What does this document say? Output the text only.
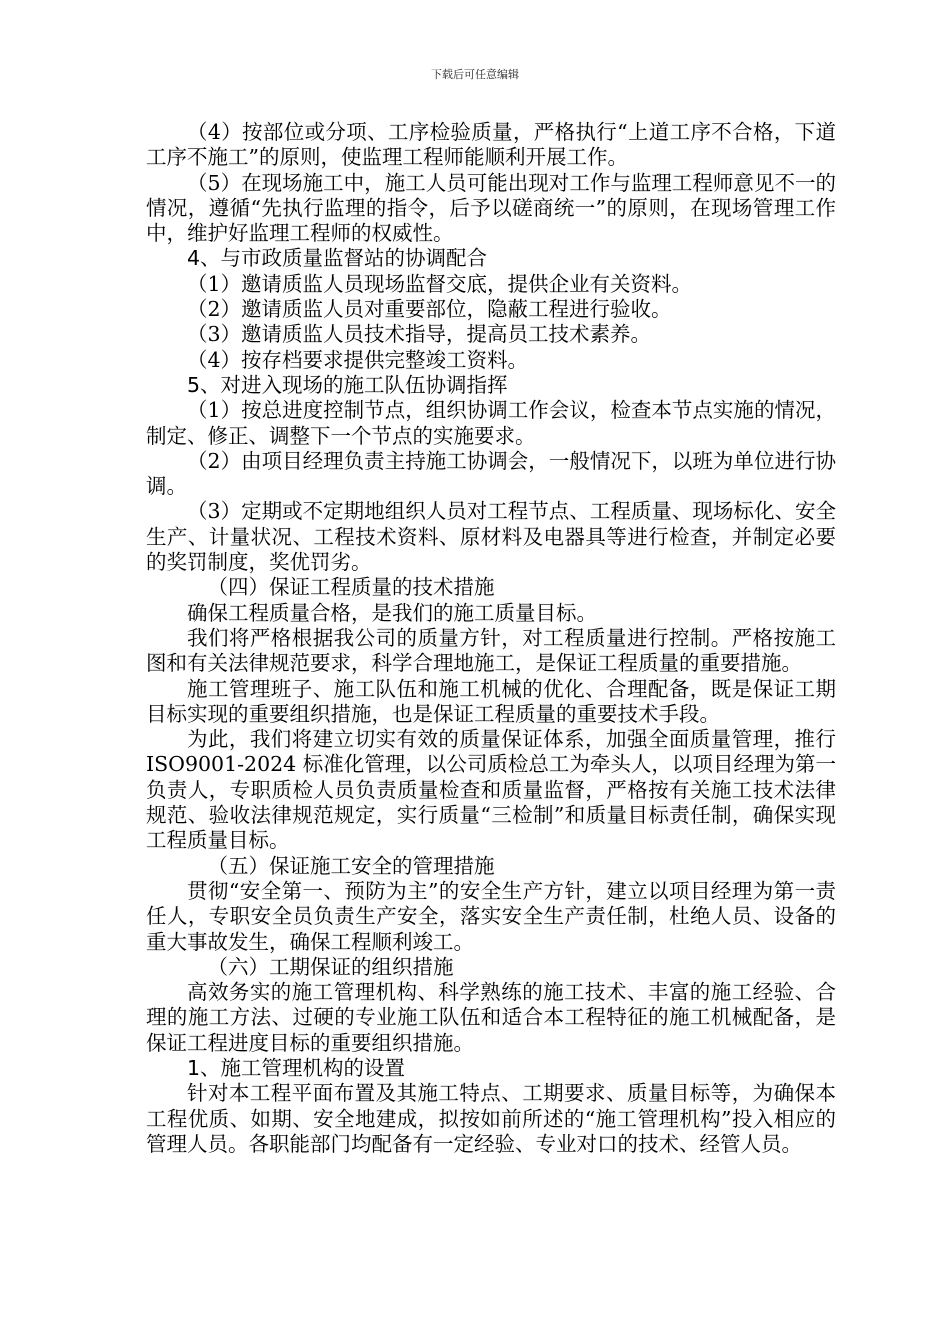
下载后可任意编辑

（4）按部位或分项、工序检验质量，严格执行“上道工序不合格，下道工序不施工”的原则，使监理工程师能顺利开展工作。

（5）在现场施工中，施工人员可能出现对工作与监理工程师意见不一的情况，遵循“先执行监理的指令，后予以磋商统一”的原则，在现场管理工作中，维护好监理工程师的权威性。

4、与市政质量监督站的协调配合

（1）邀请质监人员现场监督交底，提供企业有关资料。

（2）邀请质监人员对重要部位，隐蔽工程进行验收。

（3）邀请质监人员技术指导，提高员工技术素养。

（4）按存档要求提供完整竣工资料。

5、对进入现场的施工队伍协调指挥

（1）按总进度控制节点，组织协调工作会议，检查本节点实施的情况，制定、修正、调整下一个节点的实施要求。

（2）由项目经理负责主持施工协调会，一般情况下，以班为单位进行协调。

（3）定期或不定期地组织人员对工程节点、工程质量、现场标化、安全生产、计量状况、工程技术资料、原材料及电器具等进行检查，并制定必要的奖罚制度，奖优罚劣。

（四）保证工程质量的技术措施

确保工程质量合格，是我们的施工质量目标。

我们将严格根据我公司的质量方针，对工程质量进行控制。严格按施工图和有关法律规范要求，科学合理地施工，是保证工程质量的重要措施。

施工管理班子、施工队伍和施工机械的优化、合理配备，既是保证工期目标实现的重要组织措施，也是保证工程质量的重要技术手段。

为此，我们将建立切实有效的质量保证体系，加强全面质量管理，推行 ISO9001-2024 标准化管理，以公司质检总工为牵头人，以项目经理为第一负责人，专职质检人员负责质量检查和质量监督，严格按有关施工技术法律规范、验收法律规范规定，实行质量“三检制”和质量目标责任制，确保实现工程质量目标。

（五）保证施工安全的管理措施

贯彻“安全第一、预防为主”的安全生产方针，建立以项目经理为第一责任人，专职安全员负责生产安全，落实安全生产责任制，杜绝人员、设备的重大事故发生，确保工程顺利竣工。

（六）工期保证的组织措施

高效务实的施工管理机构、科学熟练的施工技术、丰富的施工经验、合理的施工方法、过硬的专业施工队伍和适合本工程特征的施工机械配备，是保证工程进度目标的重要组织措施。

1、施工管理机构的设置

针对本工程平面布置及其施工特点、工期要求、质量目标等，为确保本工程优质、如期、安全地建成，拟按如前所述的“施工管理机构”投入相应的管理人员。各职能部门均配备有一定经验、专业对口的技术、经管人员。
